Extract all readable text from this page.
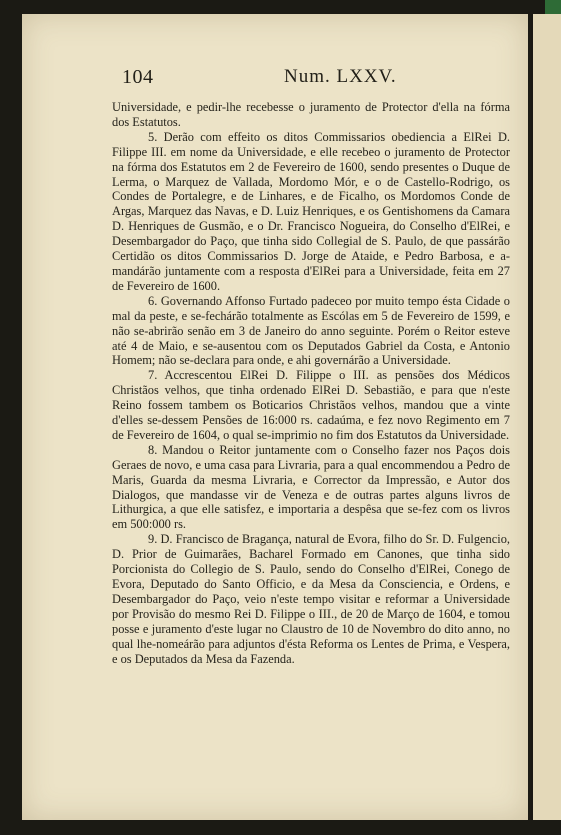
104	Num. LXXV.

Universidade, e pedir-lhe recebesse o juramento de Protector d'ella na fórma dos Estatutos.

5. Derão com effeito os ditos Commissarios obediencia a ElRei D. Filippe III. em nome da Universidade, e elle recebeo o juramento de Protector na fórma dos Estatutos em 2 de Fevereiro de 1600, sendo presentes o Duque de Lerma, o Marquez de Vallada, Mordomo Mór, e o de Castello-Rodrigo, os Condes de Portalegre, e de Linhares, e de Ficalho, os Mordomos Conde de Argas, Marquez das Navas, e D. Luiz Henriques, e os Gentishomens da Camara D. Henriques de Gusmão, e o Dr. Francisco Nogueira, do Conselho d'ElRei, e Desembargador do Paço, que tinha sido Collegial de S. Paulo, de que passárão Certidão os ditos Commissarios D. Jorge de Ataide, e Pedro Barbosa, e a-mandárão juntamente com a resposta d'ElRei para a Universidade, feita em 27 de Fevereiro de 1600.

6. Governando Affonso Furtado padeceo por muito tempo ésta Cidade o mal da peste, e se-fechárão totalmente as Escólas em 5 de Fevereiro de 1599, e não se-abrirão senão em 3 de Janeiro do anno seguinte. Porém o Reitor esteve até 4 de Maio, e se-ausentou com os Deputados Gabriel da Costa, e Antonio Homem; não se-declara para onde, e ahi governárão a Universidade.

7. Accrescentou ElRei D. Filippe o III. as pensões dos Médicos Christãos velhos, que tinha ordenado ElRei D. Sebastião, e para que n'este Reino fossem tambem os Boticarios Christãos velhos, mandou que a vinte d'elles se-dessem Pensões de 16:000 rs. cadaúma, e fez novo Regimento em 7 de Fevereiro de 1604, o qual se-imprimio no fim dos Estatutos da Universidade.

8. Mandou o Reitor juntamente com o Conselho fazer nos Paços dois Geraes de novo, e uma casa para Livraria, para a qual encommendou a Pedro de Maris, Guarda da mesma Livraria, e Corrector da Impressão, e Autor dos Dialogos, que mandasse vir de Veneza e de outras partes alguns livros de Lithurgica, a que elle satisfez, e importaria a despêsa que se-fez com os livros em 500:000 rs.

9. D. Francisco de Bragança, natural de Evora, filho do Sr. D. Fulgencio, D. Prior de Guimarães, Bacharel Formado em Canones, que tinha sido Porcionista do Collegio de S. Paulo, sendo do Conselho d'ElRei, Conego de Evora, Deputado do Santo Officio, e da Mesa da Consciencia, e Ordens, e Desembargador do Paço, veio n'este tempo visitar e reformar a Universidade por Provisão do mesmo Rei D. Filippe o III., de 20 de Março de 1604, e tomou posse e juramento d'este lugar no Claustro de 10 de Novembro do dito anno, no qual lhe-nomeárão para adjuntos d'ésta Reforma os Lentes de Prima, e Vespera, e os Deputados da Mesa da Fazenda.
